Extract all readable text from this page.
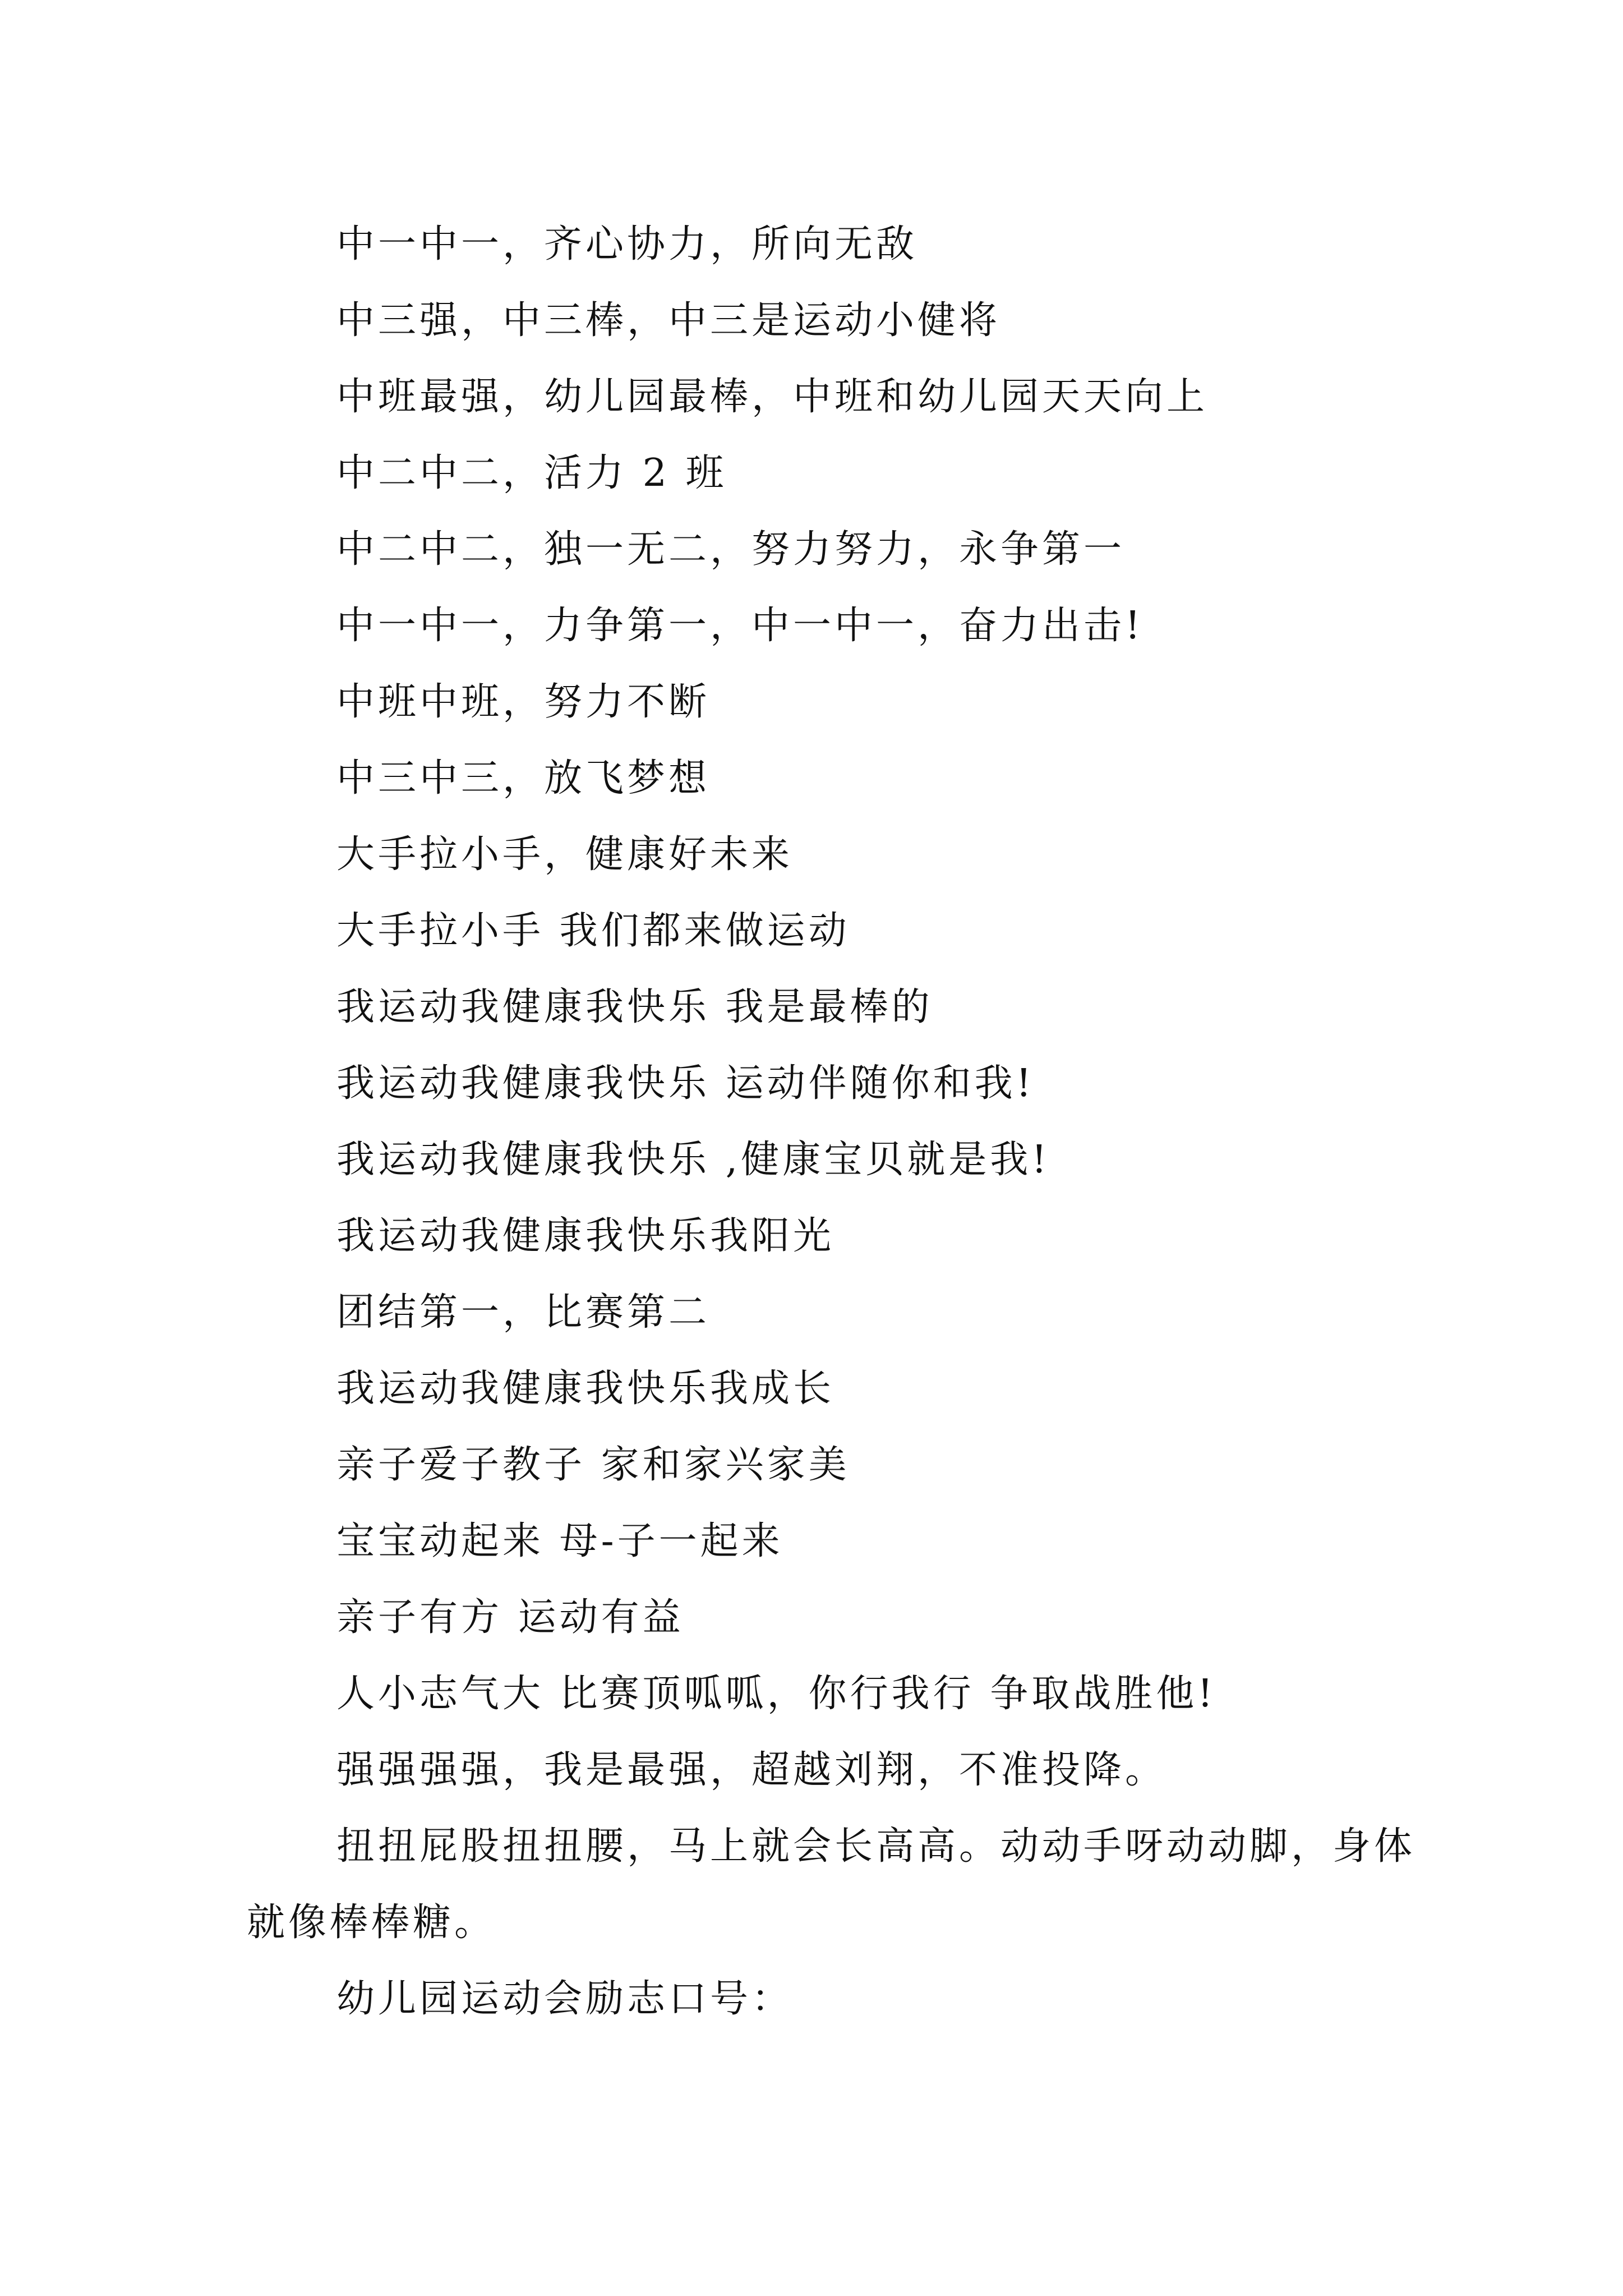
中一中一，齐心协力，所向无敌
中三强，中三棒，中三是运动小健将
中班最强，幼儿园最棒，中班和幼儿园天天向上
中二中二，活力 2 班
中二中二，独一无二，努力努力，永争第一
中一中一，力争第一，中一中一，奋力出击!
中班中班，努力不断
中三中三，放飞梦想
大手拉小手，健康好未来
大手拉小手 我们都来做运动
我运动我健康我快乐 我是最棒的
我运动我健康我快乐 运动伴随你和我!
我运动我健康我快乐 ,健康宝贝就是我!
我运动我健康我快乐我阳光
团结第一，比赛第二
我运动我健康我快乐我成长
亲子爱子教子 家和家兴家美
宝宝动起来 母-子一起来
亲子有方 运动有益
人小志气大 比赛顶呱呱，你行我行 争取战胜他!
强强强强，我是最强，超越刘翔，不准投降。
扭扭屁股扭扭腰，马上就会长高高。动动手呀动动脚，身体就像棒棒糖。
幼儿园运动会励志口号：
